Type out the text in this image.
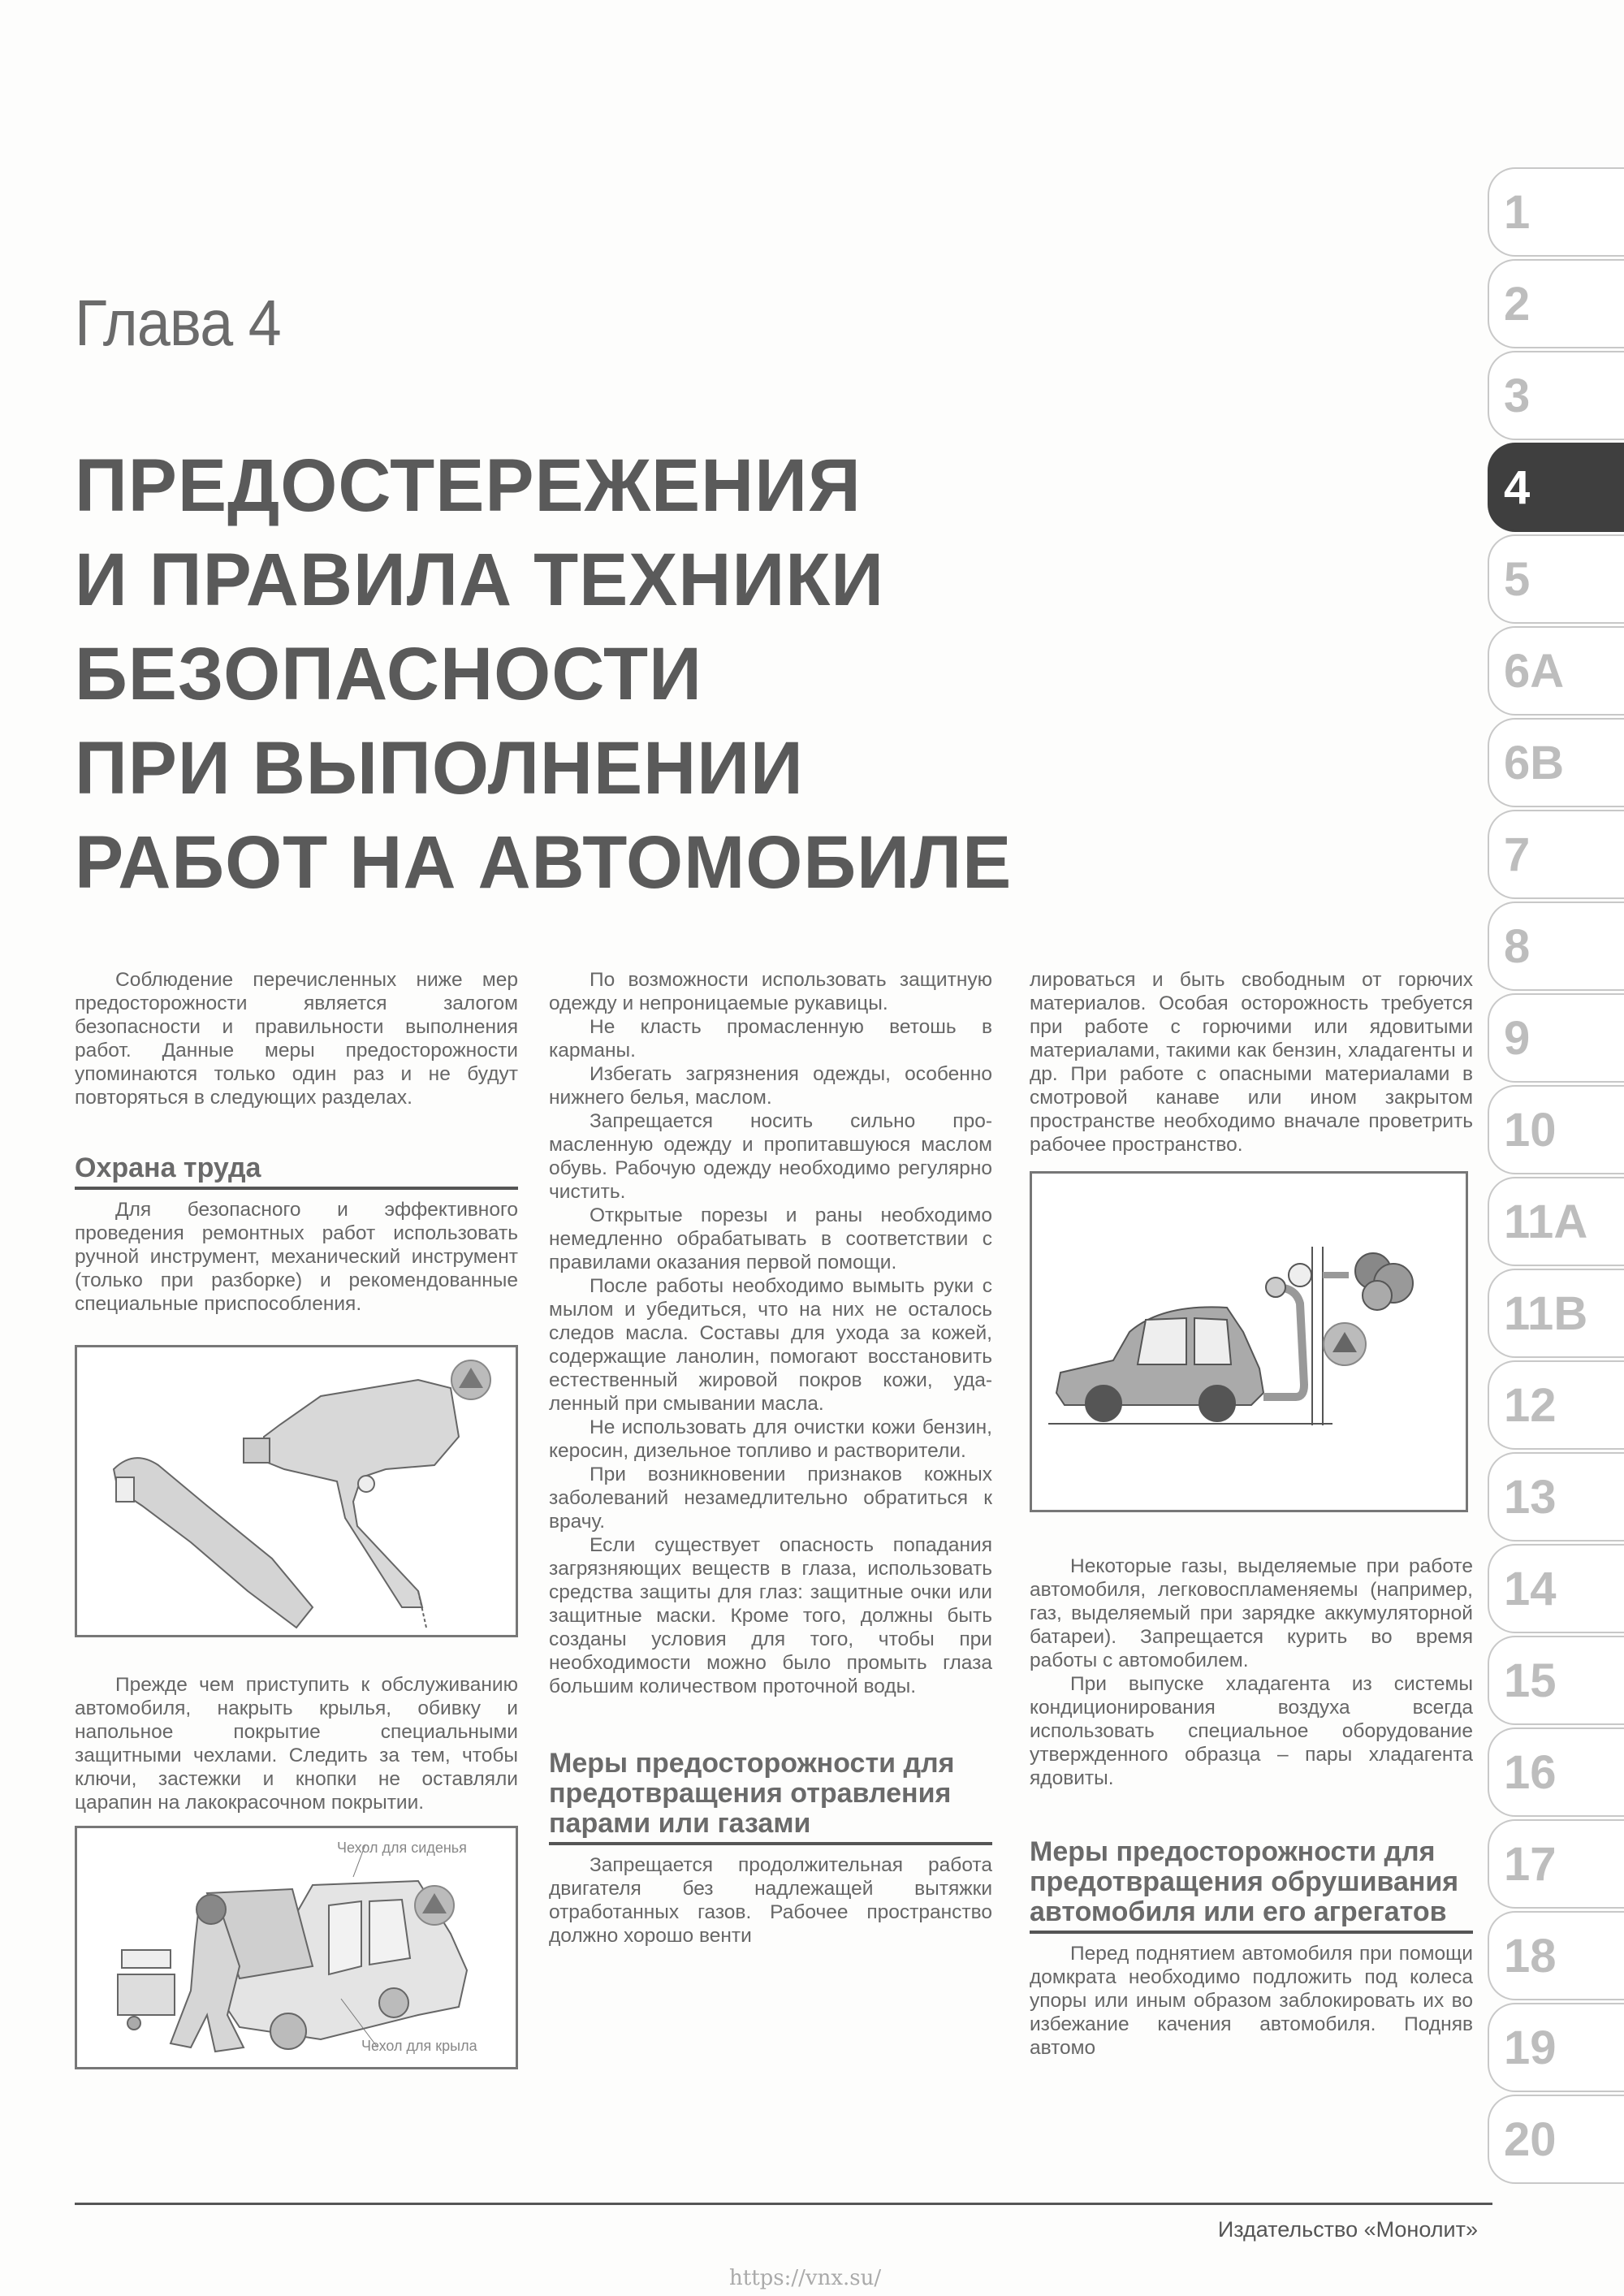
Глава 4
ПРЕДОСТЕРЕЖЕНИЯ
И ПРАВИЛА ТЕХНИКИ
БЕЗОПАСНОСТИ
ПРИ ВЫПОЛНЕНИИ
РАБОТ НА АВТОМОБИЛЕ

Соблюдение перечисленных ниже мер предосторожности является залогом безопасности и правильности выполнения работ. Данные меры предосторожности упоминаются только один раз и не будут повторяться в следующих разделах.

Охрана труда

Для безопасного и эффективного проведения ремонтных работ использовать ручной инструмент, механический инструмент (только при разборке) и рекомендованные специальные приспособления.

Прежде чем приступить к обслуживанию автомобиля, накрыть крылья, обивку и напольное покрытие специальными защитными чехлами. Следить за тем, чтобы ключи, застежки и кнопки не оставляли царапин на лакокрасочном покрытии.

Чехол для сиденья
Чехол для крыла

По возможности использовать защитную одежду и непроницаемые рукавицы.

Не класть промасленную ветошь в карманы.

Избегать загрязнения одежды, особенно нижнего белья, маслом.

Запрещается носить сильно промасленную одежду и пропитавшуюся маслом обувь. Рабочую одежду необходимо регулярно чистить.

Открытые порезы и раны необходимо немедленно обрабатывать в соответствии с правилами оказания первой помощи.

После работы необходимо вымыть руки с мылом и убедиться, что на них не осталось следов масла. Составы для ухода за кожей, содержащие ланолин, помогают восстановить естественный жировой покров кожи, удаленный при смывании масла.

Не использовать для очистки кожи бензин, керосин, дизельное топливо и растворители.

При возникновении признаков кожных заболеваний незамедлительно обратиться к врачу.

Если существует опасность попадания загрязняющих веществ в глаза, использовать средства защиты для глаз: защитные очки или защитные маски. Кроме того, должны быть созданы условия для того, чтобы при необходимости можно было промыть глаза большим количеством проточной воды.

Меры предосторожности для предотвращения отравления парами или газами

Запрещается продолжительная работа двигателя без надлежащей вытяжки отработанных газов. Рабочее пространство должно хорошо венти

лироваться и быть свободным от горючих материалов. Особая осторожность требуется при работе с горючими или ядовитыми материалами, такими как бензин, хладагенты и др. При работе с опасными материалами в смотровой канаве или ином закрытом пространстве необходимо вначале проветрить рабочее пространство.

Некоторые газы, выделяемые при работе автомобиля, легковоспламеняемы (например, газ, выделяемый при зарядке аккумуляторной батареи). Запрещается курить во время работы с автомобилем.

При выпуске хладагента из системы кондиционирования воздуха всегда использовать специальное оборудование утвержденного образца – пары хладагента ядовиты.

Меры предосторожности для предотвращения обрушивания автомобиля или его агрегатов

Перед поднятием автомобиля при помощи домкрата необходимо подложить под колеса упоры или иным образом заблокировать их во избежание качения автомобиля. Подняв автомо

1
2
3
4
5
6A
6B
7
8
9
10
11A
11B
12
13
14
15
16
17
18
19
20
Издательство «Монолит»
https://vnx.su/
